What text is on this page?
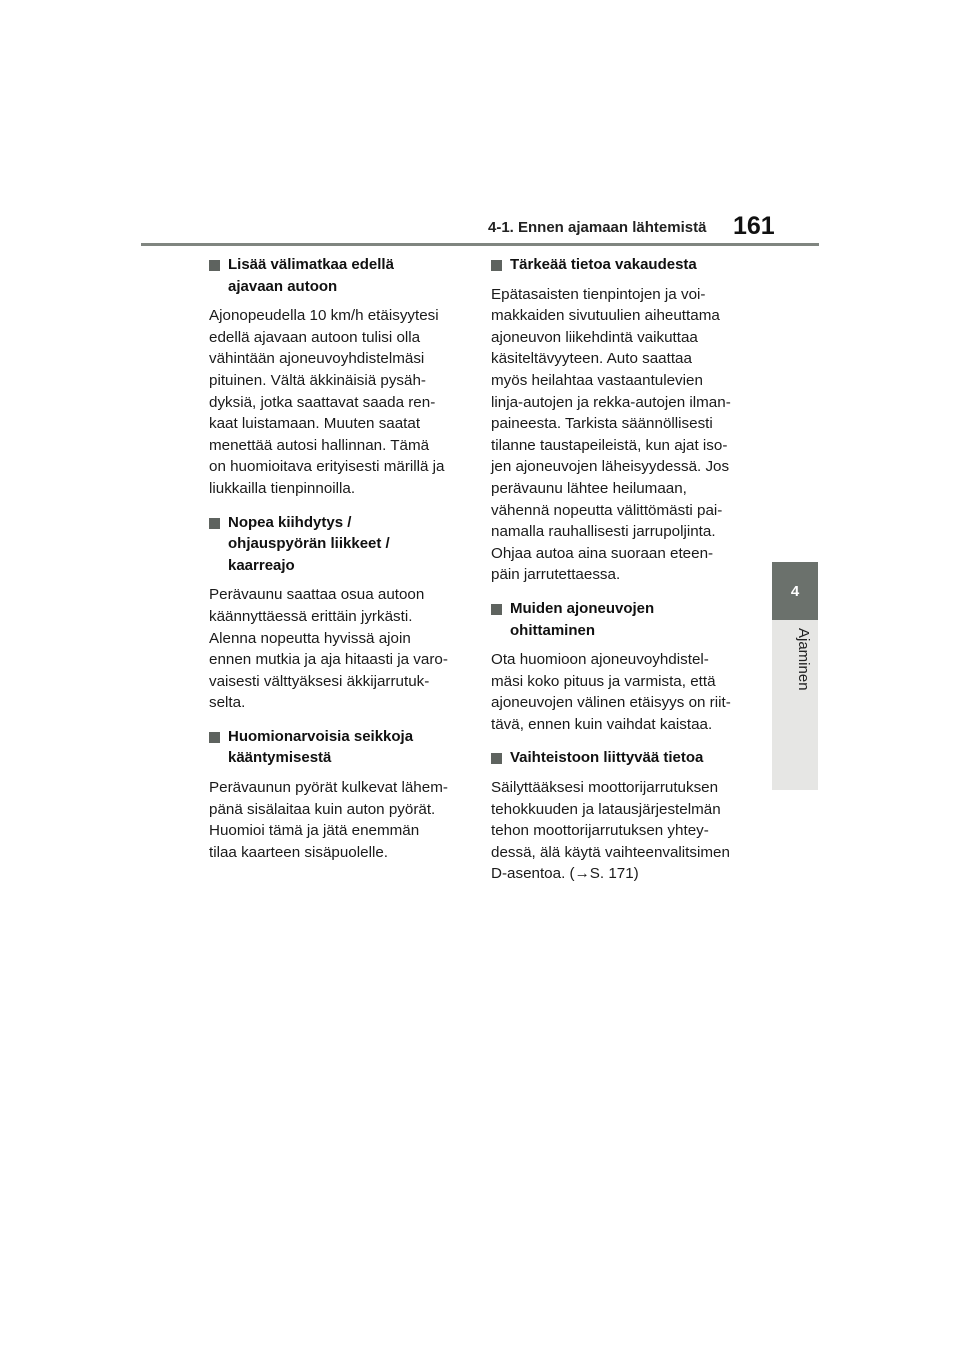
4-1. Ennen ajamaan lähtemistä 161
4
Ajaminen
Lisää välimatkaa edellä
ajavaan autoon

Ajonopeudella 10 km/h etäisyytesi
edellä ajavaan autoon tulisi olla
vähintään ajoneuvoyhdistelmäsi
pituinen. Vältä äkkinäisiä pysäh-
dyksiä, jotka saattavat saada ren-
kaat luistamaan. Muuten saatat
menettää autosi hallinnan. Tämä
on huomioitava erityisesti märillä ja
liukkailla tienpinnoilla.

Nopea kiihdytys /
ohjauspyörän liikkeet /
kaarreajo

Perävaunu saattaa osua autoon
käännyttäessä erittäin jyrkästi.
Alenna nopeutta hyvissä ajoin
ennen mutkia ja aja hitaasti ja varo-
vaisesti välttyäksesi äkkijarrutuk-
selta.

Huomionarvoisia seikkoja
kääntymisestä

Perävaunun pyörät kulkevat lähem-
pänä sisälaitaa kuin auton pyörät.
Huomioi tämä ja jätä enemmän
tilaa kaarteen sisäpuolelle.

Tärkeää tietoa vakaudesta

Epätasaisten tienpintojen ja voi-
makkaiden sivutuulien aiheuttama
ajoneuvon liikehdintä vaikuttaa
käsiteltävyyteen. Auto saattaa
myös heilahtaa vastaantulevien
linja-autojen ja rekka-autojen ilman-
paineesta. Tarkista säännöllisesti
tilanne taustapeileistä, kun ajat iso-
jen ajoneuvojen läheisyydessä. Jos
perävaunu lähtee heilumaan,
vähennä nopeutta välittömästi pai-
namalla rauhallisesti jarrupoljinta.
Ohjaa autoa aina suoraan eteen-
päin jarrutettaessa.

Muiden ajoneuvojen
ohittaminen

Ota huomioon ajoneuvoyhdistel-
mäsi koko pituus ja varmista, että
ajoneuvojen välinen etäisyys on riit-
tävä, ennen kuin vaihdat kaistaa.

Vaihteistoon liittyvää tietoa

Säilyttääksesi moottorijarrutuksen
tehokkuuden ja latausjärjestelmän
tehon moottorijarrutuksen yhtey-
dessä, älä käytä vaihteenvalitsimen
D-asentoa. (→S. 171)
